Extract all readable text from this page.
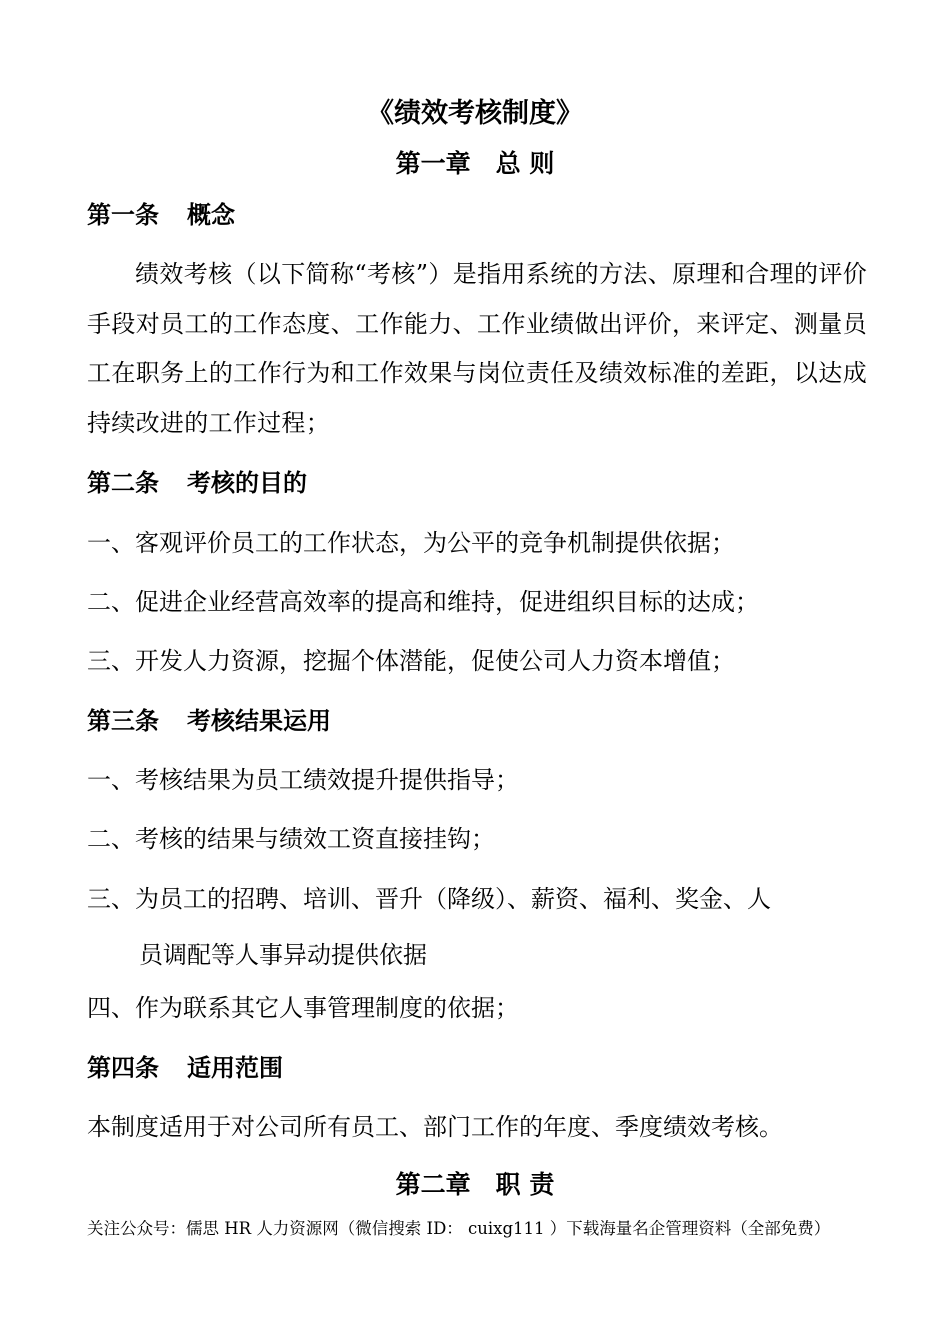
《绩效考核制度》
第一章　总 则
第一条 概念
绩效考核（以下简称“考核”）是指用系统的方法、原理和合理的评价手段对员工的工作态度、工作能力、工作业绩做出评价，来评定、测量员工在职务上的工作行为和工作效果与岗位责任及绩效标准的差距，以达成持续改进的工作过程；
第二条 考核的目的
一、客观评价员工的工作状态，为公平的竞争机制提供依据；
二、促进企业经营高效率的提高和维持，促进组织目标的达成；
三、开发人力资源，挖掘个体潜能，促使公司人力资本增值；
第三条 考核结果运用
一、考核结果为员工绩效提升提供指导；
二、考核的结果与绩效工资直接挂钩；
三、为员工的招聘、培训、晋升（降级）、薪资、福利、奖金、人
员调配等人事异动提供依据
四、作为联系其它人事管理制度的依据；
第四条 适用范围
本制度适用于对公司所有员工、部门工作的年度、季度绩效考核。
第二章　职 责
关注公众号：儒思 HR 人力资源网（微信搜索 ID： cuixg111 ）下载海量名企管理资料（全部免费）
